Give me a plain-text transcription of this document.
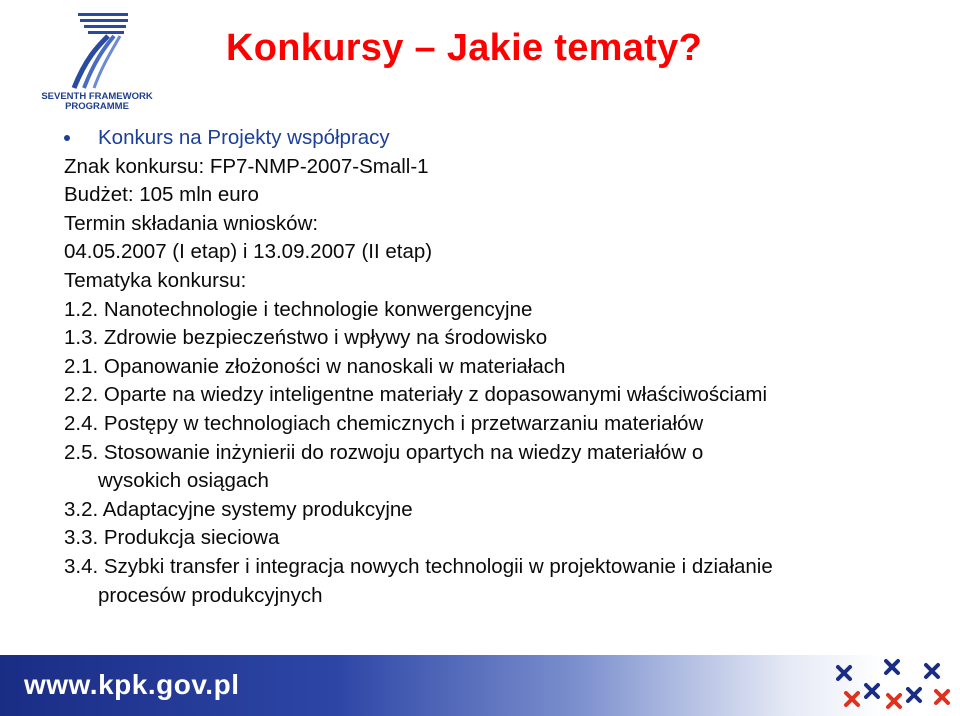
SEVENTH FRAMEWORK
PROGRAMME
Konkursy – Jakie tematy?
Konkurs na Projekty współpracy
Znak konkursu: FP7-NMP-2007-Small-1
Budżet: 105 mln euro
Termin składania wniosków:
04.05.2007 (I etap) i 13.09.2007 (II etap)
Tematyka konkursu:
1.2. Nanotechnologie i technologie konwergencyjne
1.3. Zdrowie bezpieczeństwo i wpływy na środowisko
2.1. Opanowanie złożoności w nanoskali w materiałach
2.2. Oparte na wiedzy inteligentne materiały z dopasowanymi właściwościami
2.4. Postępy w technologiach chemicznych i przetwarzaniu materiałów
2.5. Stosowanie inżynierii do rozwoju opartych na wiedzy materiałów o
wysokich osiągach
3.2. Adaptacyjne systemy produkcyjne
3.3. Produkcja sieciowa
3.4. Szybki transfer i integracja nowych technologii w projektowanie i działanie
procesów produkcyjnych
www.kpk.gov.pl
